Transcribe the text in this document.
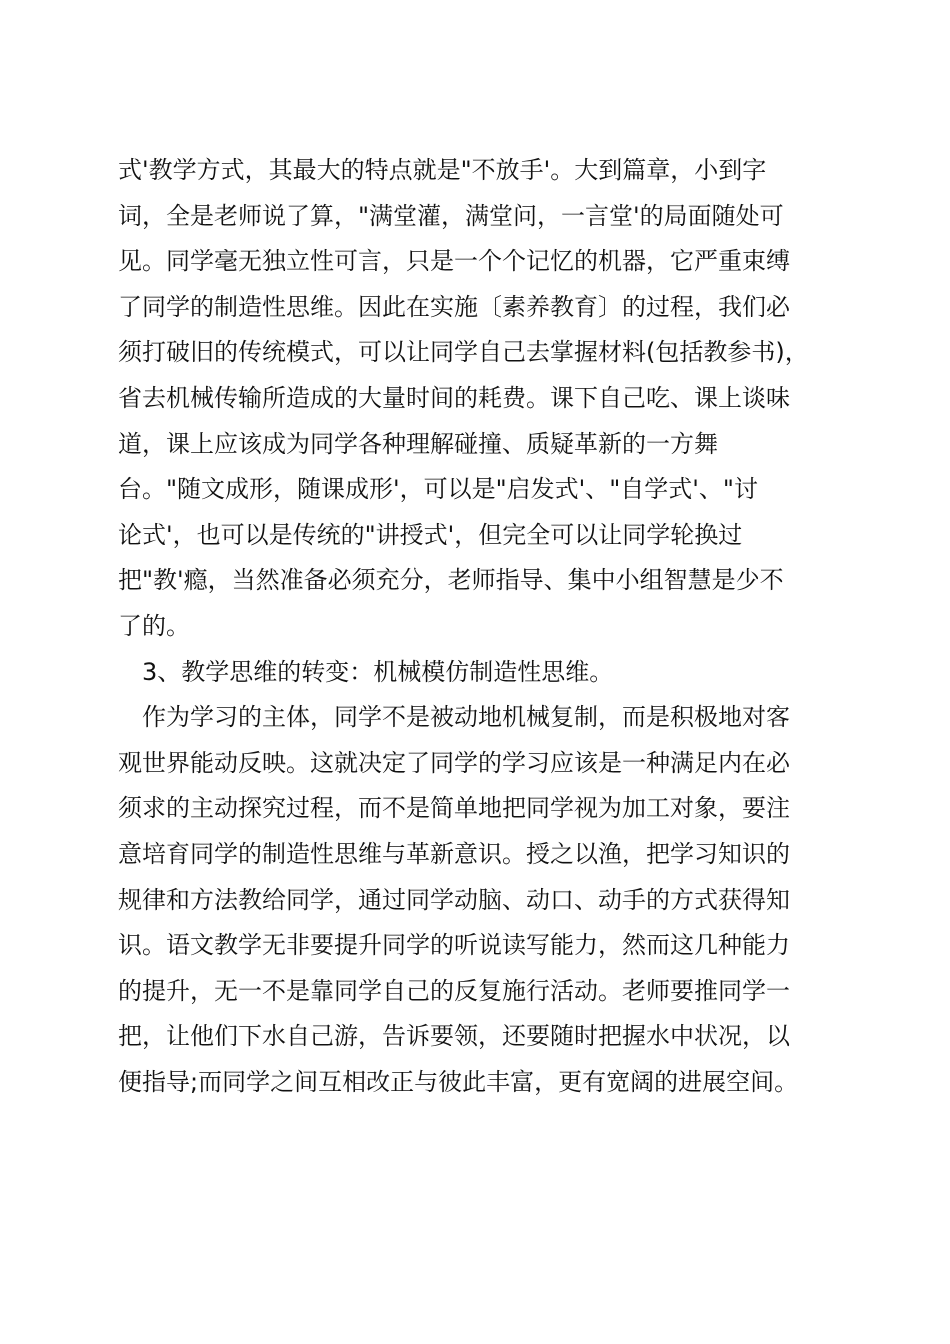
式'教学方式，其最大的特点就是"不放手'。大到篇章，小到字
词，全是老师说了算，"满堂灌，满堂问，一言堂'的局面随处可
见。同学毫无独立性可言，只是一个个记忆的机器，它严重束缚
了同学的制造性思维。因此在实施〔素养教育〕的过程，我们必
须打破旧的传统模式，可以让同学自己去掌握材料(包括教参书)，
省去机械传输所造成的大量时间的耗费。课下自己吃、课上谈味
道，课上应该成为同学各种理解碰撞、质疑革新的一方舞
台。"随文成形，随课成形'，可以是"启发式'、"自学式'、"讨
论式'，也可以是传统的"讲授式'，但完全可以让同学轮换过
把"教'瘾，当然准备必须充分，老师指导、集中小组智慧是少不
了的。
3、教学思维的转变：机械模仿制造性思维。
作为学习的主体，同学不是被动地机械复制，而是积极地对客
观世界能动反映。这就决定了同学的学习应该是一种满足内在必
须求的主动探究过程，而不是简单地把同学视为加工对象，要注
意培育同学的制造性思维与革新意识。授之以渔，把学习知识的
规律和方法教给同学，通过同学动脑、动口、动手的方式获得知
识。语文教学无非要提升同学的听说读写能力，然而这几种能力
的提升，无一不是靠同学自己的反复施行活动。老师要推同学一
把，让他们下水自己游，告诉要领，还要随时把握水中状况，以
便指导;而同学之间互相改正与彼此丰富，更有宽阔的进展空间。
